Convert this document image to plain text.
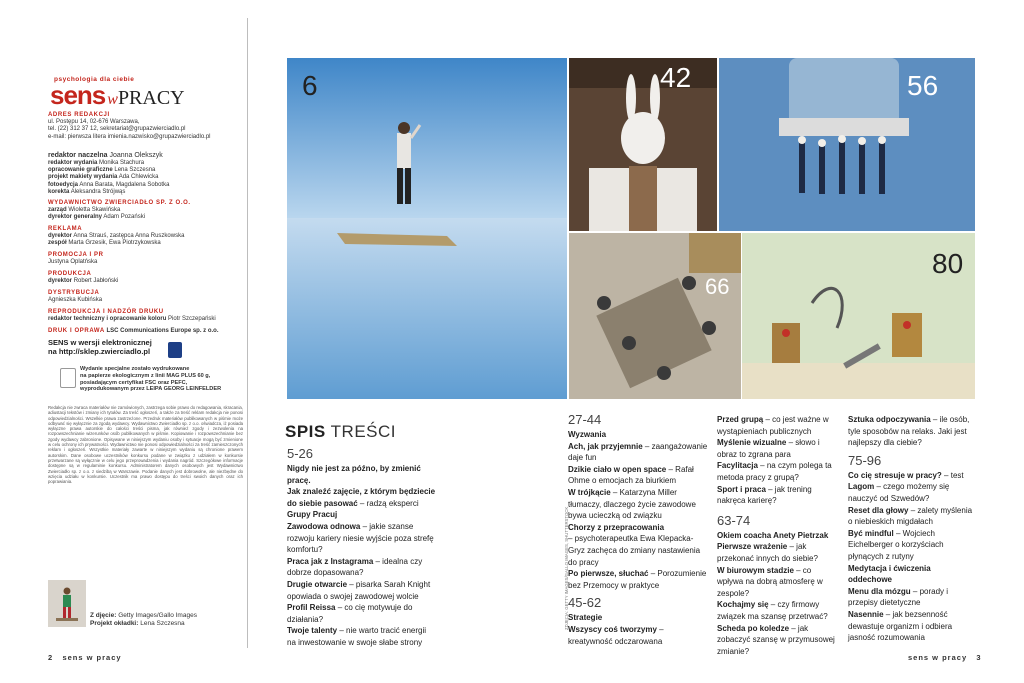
psychologia dla ciebie
sens wPRACY
ADRES REDAKCJI
ul. Postępu 14, 02-676 Warszawa,
tel. (22) 312 37 12, sekretariat@grupazwierciadlo.pl
e-mail: pierwsza litera imienia.nazwisko@grupazwierciadlo.pl
redaktor naczelna Joanna Olekszyk
redaktor wydania Monika Stachura
opracowanie graficzne Lena Szczesna
projekt makiety wydania Ada Chlewicka
fotoedycja Anna Barata, Magdalena Sobotka
korekta Aleksandra Strójwąs
WYDAWNICTWO ZWIERCIADŁO SP. Z O.O.
zarząd Wioletta Skawińska
dyrektor generalny Adam Pozański
REKLAMA
dyrektor Anna Strauś, zastępca Anna Ruszkowska
zespół Marta Grzesik, Ewa Piotrzykowska
PROMOCJA I PR
Justyna Oplatńska
PRODUKCJA
dyrektor Robert Jabłoński
DYSTRYBUCJA
Agnieszka Kubińska
REPRODUKCJA I NADZÓR DRUKU
redaktor techniczny i opracowanie koloru Piotr Szczepański
DRUK I OPRAWA LSC Communications Europe sp. z o.o.
SENS w wersji elektronicznej
na http://sklep.zwierciadlo.pl
Wydanie specjalne zostało wydrukowane
na papierze ekologicznym z linii MAG PLUS 60 g,
posiadającym certyfikat FSC oraz PEFC,
wyprodukowanym przez LEIPA GEORG LEINFELDER
Redakcja nie zwraca materiałów nie zamówionych, zastrzega sobie prawo do redagowania, skracania, adiustacji tekstów i zmiany ich tytułów. Za treść ogłoszeń, a także za treść reklam redakcja nie ponosi odpowiedzialności. Wszelkie prawa zastrzeżone. Przedruk materiałów publikowanych w piśmie może odbywać się wyłącznie za zgodą wydawcy. Wydawnictwo Zwierciadło sp. z o.o. oświadcza, iż posiada wyłączne prawa autorskie do całości treści pisma, jak również zgody i zezwolenia na rozpowszechnianie wizerunków osób publikowanych w piśmie. Kopiowanie i rozpowszechnianie bez zgody wydawcy zabronione. Opisywane w niniejszym wydaniu osoby i sytuacje mogą być zmienione w celu ochrony ich prywatności. Wydawnictwo nie ponosi odpowiedzialności za treść zamieszczonych reklam i ogłoszeń. Wszystkie materiały zawarte w niniejszym wydaniu są chronione prawem autorskim. Dane osobowe uczestników konkursu podane w związku z udziałem w konkursie przetwarzane są wyłącznie w celu jego przeprowadzenia i wydania nagród. Szczegółowe informacje dostępne są w regulaminie konkursu. Administratorem danych osobowych jest Wydawnictwo Zwierciadło sp. z o.o. z siedzibą w Warszawie. Podanie danych jest dobrowolne, ale niezbędne do wzięcia udziału w konkursie. Uczestnik ma prawo dostępu do treści swoich danych oraz ich poprawiania.
Z djęcie: Getty Images/Gallo Images
Projekt okładki: Lena Szczesna
2 sens w pracy	sens w pracy 3
6	42	56
66
80
SPIS TREŚCI
5-26
Nigdy nie jest za późno, by zmienić pracę.
Jak znaleźć zajęcie, z którym będziecie do siebie pasować – radzą eksperci
Grupy Pracuj
Zawodowa odnowa – jakie szanse rozwoju kariery niesie wyjście poza strefę komfortu?
Praca jak z Instagrama – idealna czy dobrze dopasowana?
Drugie otwarcie – pisarka Sarah Knight opowiada o swojej zawodowej wolcie
Profil Reissa – co cię motywuje do działania?
Twoje talenty – nie warto tracić energii na inwestowanie w swoje słabe strony
ZDJĘCIA: GETTY IMAGES/GALLO IMAGES, SHUTTERSTOCK
27-44
Wyzwania
Ach, jak przyjemnie – zaangażowanie daje fun
Dzikie ciało w open space – Rafał Ohme o emocjach za biurkiem
W trójkącie – Katarzyna Miller tłumaczy, dlaczego życie zawodowe bywa ucieczką od związku
Chorzy z przepracowania
– psychoterapeutka Ewa Klepacka-Gryz zachęca do zmiany nastawienia do pracy
Po pierwsze, słuchać – Porozumienie bez Przemocy w praktyce
45-62
Strategie
Wszyscy coś tworzymy – kreatywność odczarowana
Przed grupą – co jest ważne w wystąpieniach publicznych
Myślenie wizualne – słowo i obraz to zgrana para
Facylitacja – na czym polega ta metoda pracy z grupą?
Sport i praca – jak trening nakręca karierę?
63-74
Okiem coacha Anety Pietrzak
Pierwsze wrażenie – jak przekonać innych do siebie?
W biurowym stadzie – co wpływa na dobrą atmosferę w zespole?
Kochajmy się – czy firmowy związek ma szansę przetrwać?
Scheda po koledze – jak zobaczyć szansę w przymusowej zmianie?
Sztuka odpoczywania – ile osób, tyle sposobów na relaks. Jaki jest najlepszy dla ciebie?
75-96
Co cię stresuje w pracy? – test
Lagom – czego możemy się nauczyć od Szwedów?
Reset dla głowy – zalety myślenia o niebieskich migdałach
Być mindful – Wojciech Eichelberger o korzyściach płynących z rutyny
Medytacja i ćwiczenia oddechowe
Menu dla mózgu – porady i przepisy dietetyczne
Nasennie – jak bezsenność dewastuje organizm i odbiera jasność rozumowania
